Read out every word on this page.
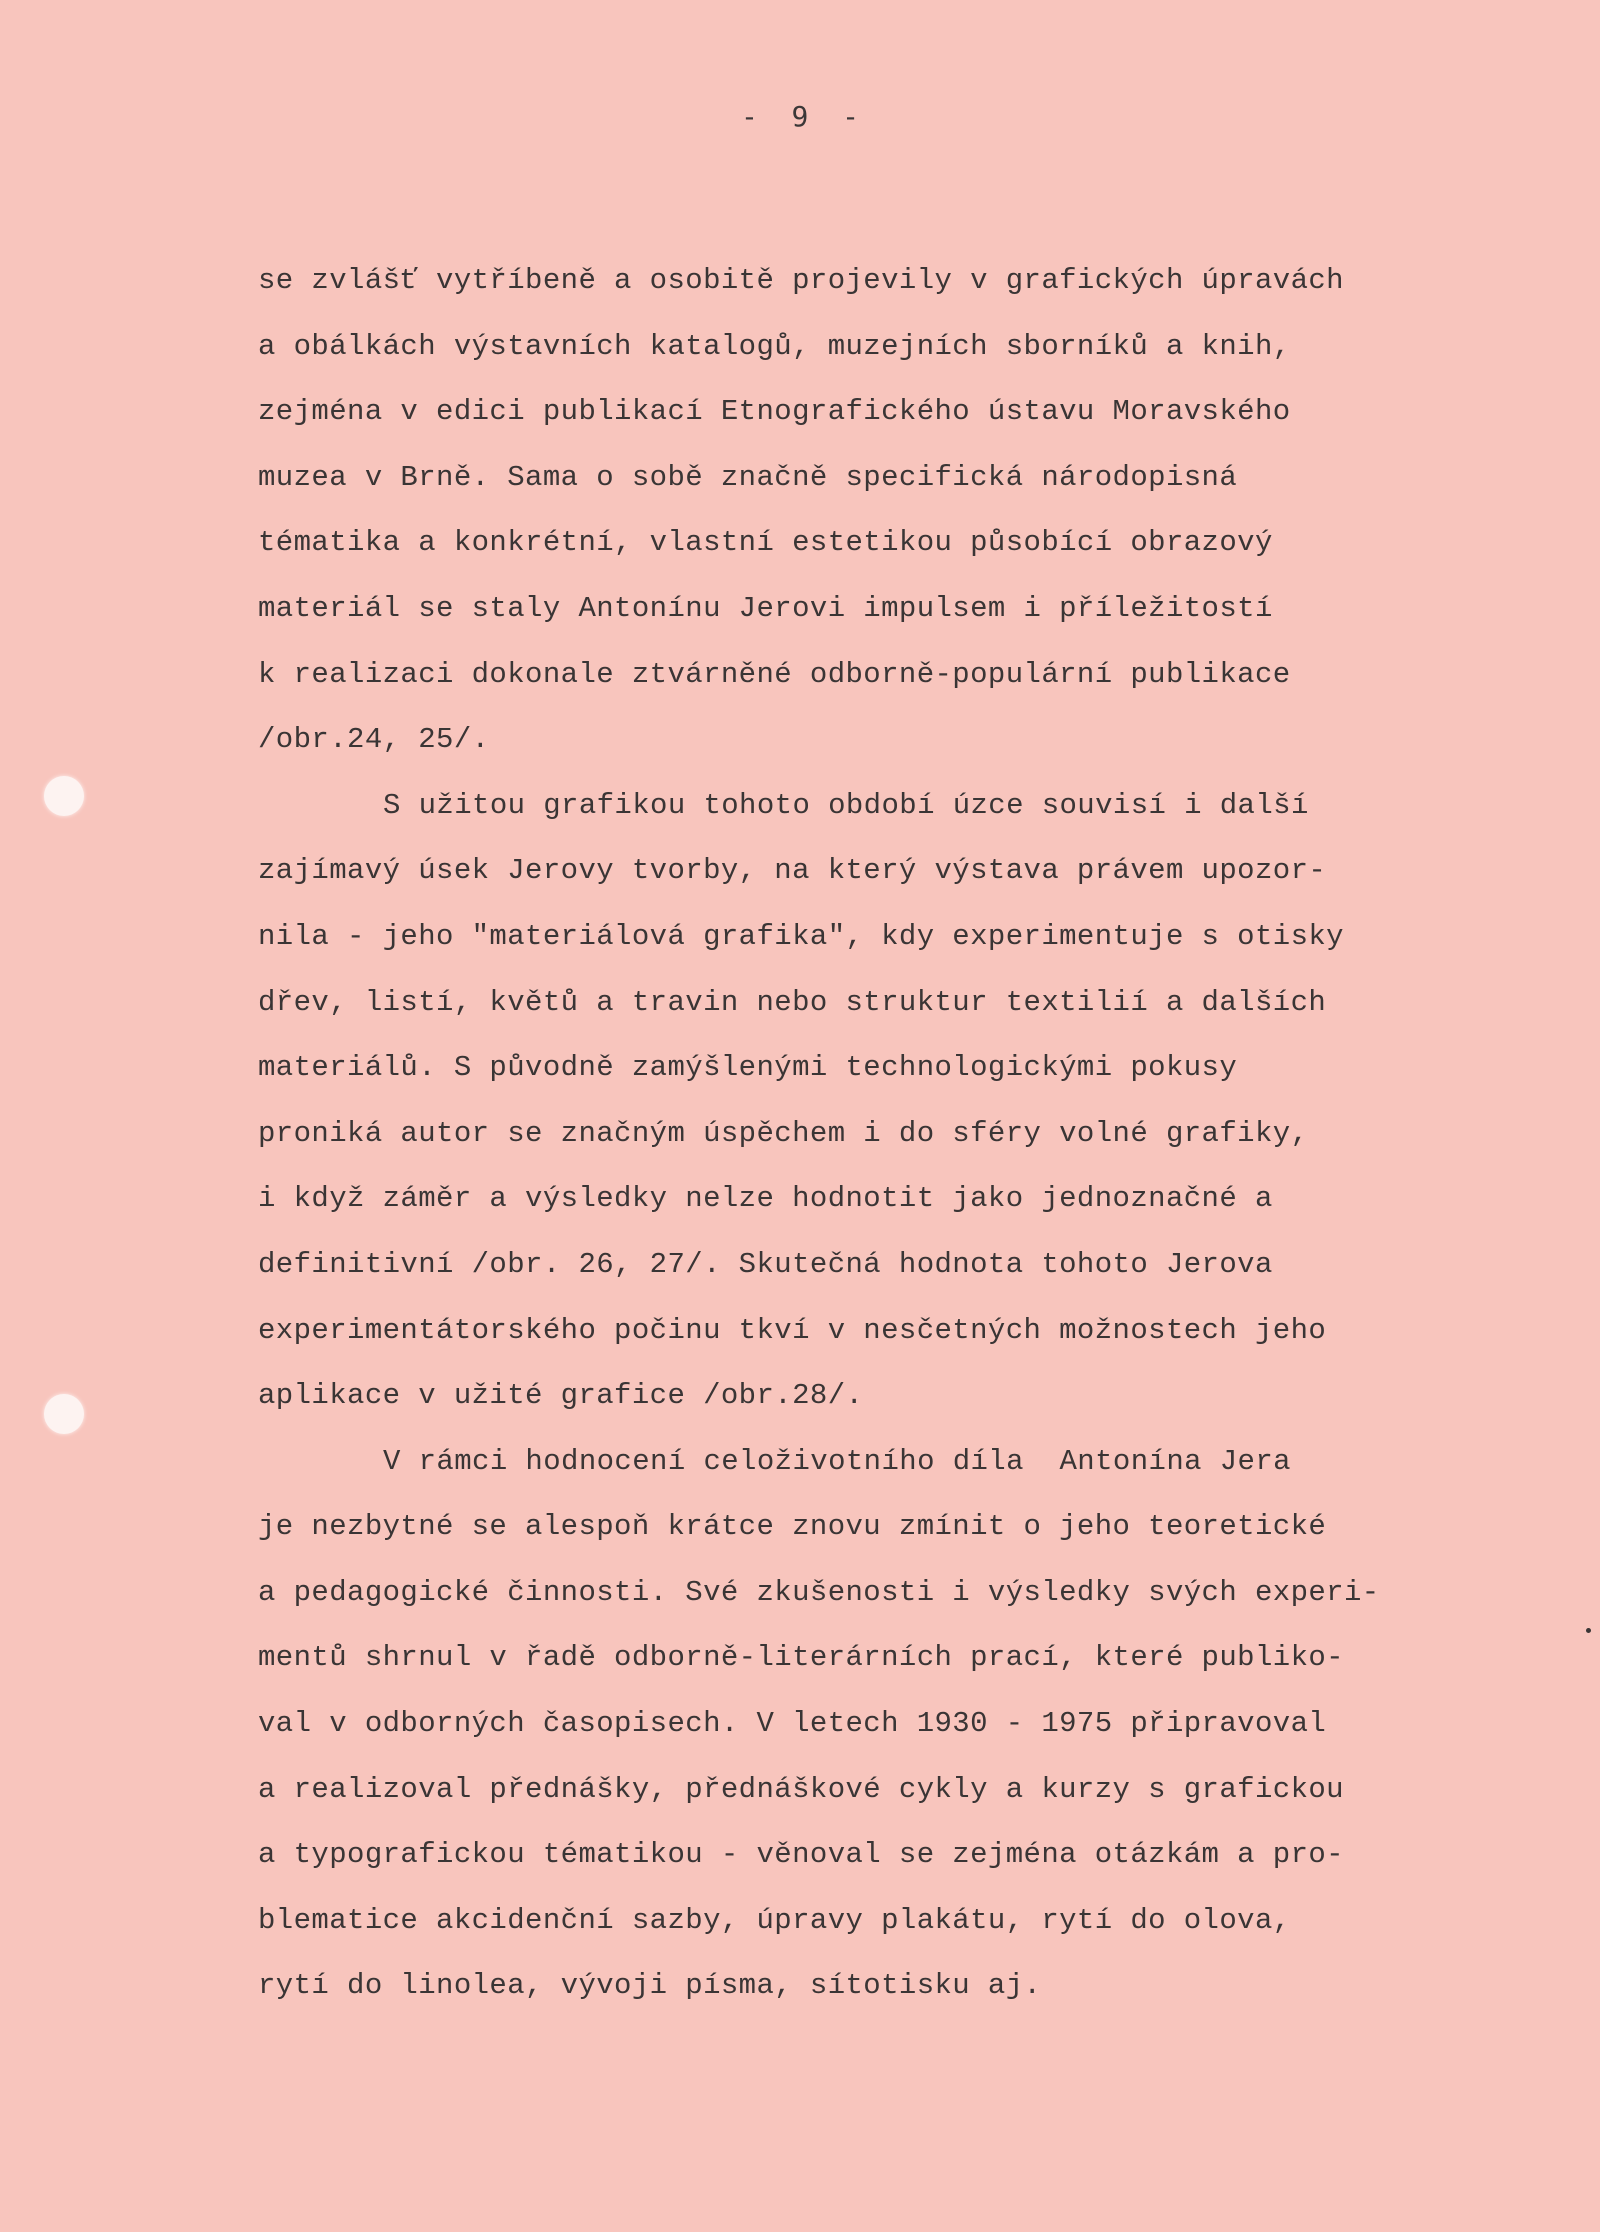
-  9  -
se zvlášť vytříbeně a osobitě projevily v grafických úpravách
a obálkách výstavních katalogů, muzejních sborníků a knih,
zejména v edici publikací Etnografického ústavu Moravského
muzea v Brně. Sama o sobě značně specifická národopisná
tématika a konkrétní, vlastní estetikou působící obrazový
materiál se staly Antonínu Jerovi impulsem i příležitostí
k realizaci dokonale ztvárněné odborně-populární publikace
/obr.24, 25/.
S užitou grafikou tohoto období úzce souvisí i další
zajímavý úsek Jerovy tvorby, na který výstava právem upozor-
nila - jeho "materiálová grafika", kdy experimentuje s otisky
dřev, listí, květů a travin nebo struktur textilií a dalších
materiálů. S původně zamýšlenými technologickými pokusy
proniká autor se značným úspěchem i do sféry volné grafiky,
i když záměr a výsledky nelze hodnotit jako jednoznačné a
definitivní /obr. 26, 27/. Skutečná hodnota tohoto Jerova
experimentátorského počinu tkví v nesčetných možnostech jeho
aplikace v užité grafice /obr.28/.
V rámci hodnocení celoživotního díla  Antonína Jera
je nezbytné se alespoň krátce znovu zmínit o jeho teoretické
a pedagogické činnosti. Své zkušenosti i výsledky svých experi-
mentů shrnul v řadě odborně-literárních prací, které publiko-
val v odborných časopisech. V letech 1930 - 1975 připravoval
a realizoval přednášky, přednáškové cykly a kurzy s grafickou
a typografickou tématikou - věnoval se zejména otázkám a pro-
blematice akcidenční sazby, úpravy plakátu, rytí do olova,
rytí do linolea, vývoji písma, sítotisku aj.
